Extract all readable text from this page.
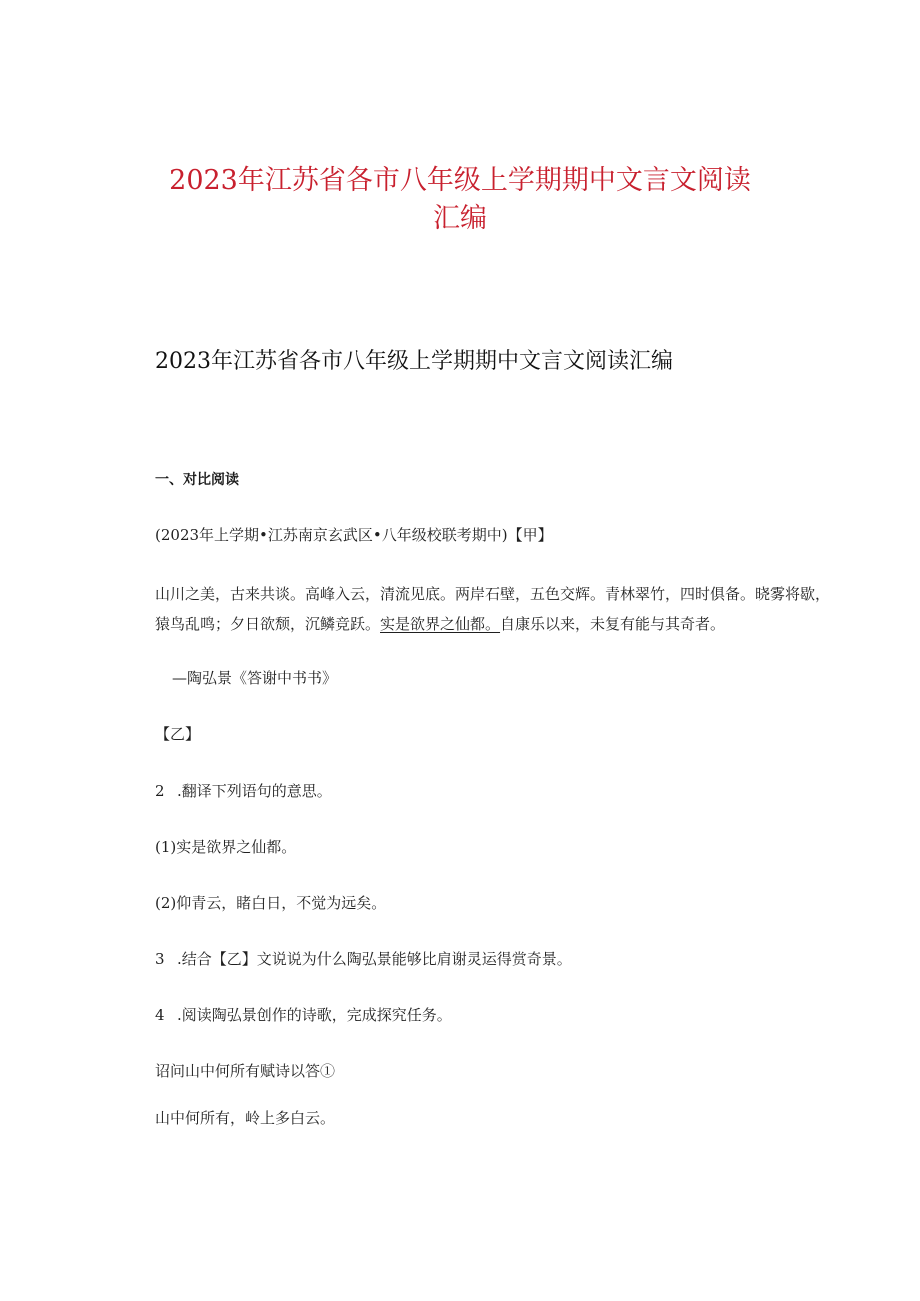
2023年江苏省各市八年级上学期期中文言文阅读
汇编
2023年江苏省各市八年级上学期期中文言文阅读汇编
一、对比阅读
(2023年上学期•江苏南京玄武区•八年级校联考期中)【甲】
山川之美，古来共谈。高峰入云，清流见底。两岸石壁，五色交辉。青林翠竹，四时俱备。晓雾将歇，
猿鸟乱鸣；夕日欲颓，沉鳞竞跃。实是欲界之仙都。自康乐以来，未复有能与其奇者。
—陶弘景《答谢中书书》
【乙】
2 .翻译下列语句的意思。
(1)实是欲界之仙都。
(2)仰青云，睹白日，不觉为远矣。
3 .结合【乙】文说说为什么陶弘景能够比肩谢灵运得赏奇景。
4 .阅读陶弘景创作的诗歌，完成探究任务。
诏问山中何所有赋诗以答①
山中何所有，岭上多白云。
